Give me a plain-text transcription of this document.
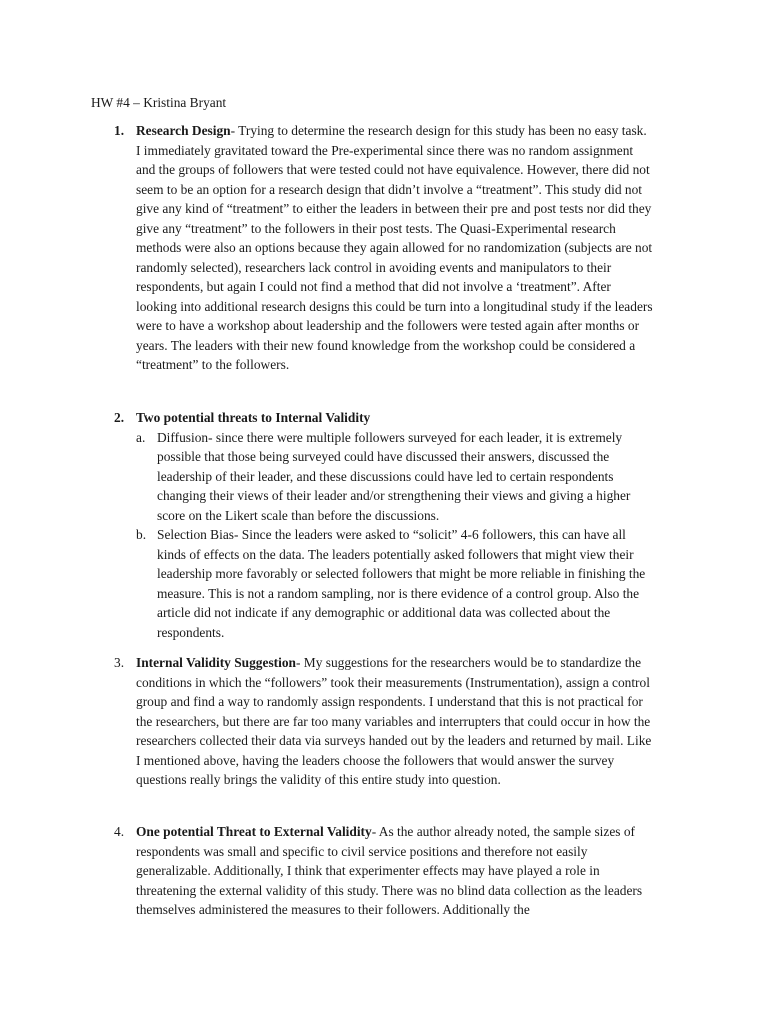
HW #4 – Kristina Bryant
1. Research Design- Trying to determine the research design for this study has been no easy task. I immediately gravitated toward the Pre-experimental since there was no random assignment and the groups of followers that were tested could not have equivalence. However, there did not seem to be an option for a research design that didn’t involve a “treatment”. This study did not give any kind of “treatment” to either the leaders in between their pre and post tests nor did they give any “treatment” to the followers in their post tests. The Quasi-Experimental research methods were also an options because they again allowed for no randomization (subjects are not randomly selected), researchers lack control in avoiding events and manipulators to their respondents, but again I could not find a method that did not involve a ‘treatment”. After looking into additional research designs this could be turn into a longitudinal study if the leaders were to have a workshop about leadership and the followers were tested again after months or years. The leaders with their new found knowledge from the workshop could be considered a “treatment” to the followers.
2. Two potential threats to Internal Validity
a. Diffusion- since there were multiple followers surveyed for each leader, it is extremely possible that those being surveyed could have discussed their answers, discussed the leadership of their leader, and these discussions could have led to certain respondents changing their views of their leader and/or strengthening their views and giving a higher score on the Likert scale than before the discussions.
b. Selection Bias- Since the leaders were asked to “solicit” 4-6 followers, this can have all kinds of effects on the data. The leaders potentially asked followers that might view their leadership more favorably or selected followers that might be more reliable in finishing the measure. This is not a random sampling, nor is there evidence of a control group. Also the article did not indicate if any demographic or additional data was collected about the respondents.
3. Internal Validity Suggestion- My suggestions for the researchers would be to standardize the conditions in which the “followers” took their measurements (Instrumentation), assign a control group and find a way to randomly assign respondents. I understand that this is not practical for the researchers, but there are far too many variables and interrupters that could occur in how the researchers collected their data via surveys handed out by the leaders and returned by mail. Like I mentioned above, having the leaders choose the followers that would answer the survey questions really brings the validity of this entire study into question.
4. One potential Threat to External Validity- As the author already noted, the sample sizes of respondents was small and specific to civil service positions and therefore not easily generalizable. Additionally, I think that experimenter effects may have played a role in threatening the external validity of this study. There was no blind data collection as the leaders themselves administered the measures to their followers. Additionally the
